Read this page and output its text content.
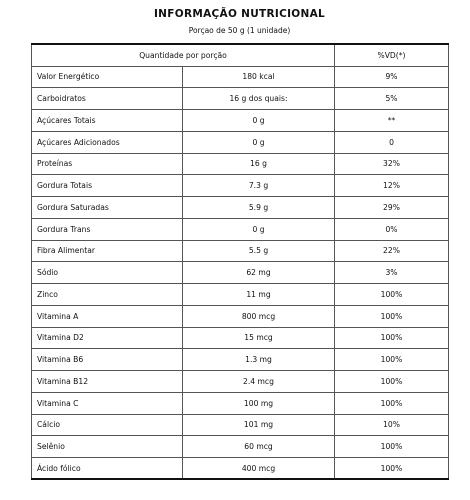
INFORMAÇÃO NUTRICIONAL
Porçao de 50 g (1 unidade)
Quantidade por porção		%VD(*)
Valor Energético	180 kcal	9%
Carboidratos	16 g dos quais:	5%
Açúcares Totais	0 g	**
Açúcares Adicionados	0 g	0
Proteínas	16 g	32%
Gordura Totais	7.3 g	12%
Gordura Saturadas	5.9 g	29%
Gordura Trans	0 g	0%
Fibra Alimentar	5.5 g	22%
Sódio	62 mg	3%
Zinco	11 mg	100%
Vitamina A	800 mcg	100%
Vitamina D2	15 mcg	100%
Vitamina B6	1.3 mg	100%
Vitamina B12	2.4 mcg	100%
Vitamina C	100 mg	100%
Cálcio	101 mg	10%
Selênio	60 mcg	100%
Ácido fólico	400 mcg	100%
